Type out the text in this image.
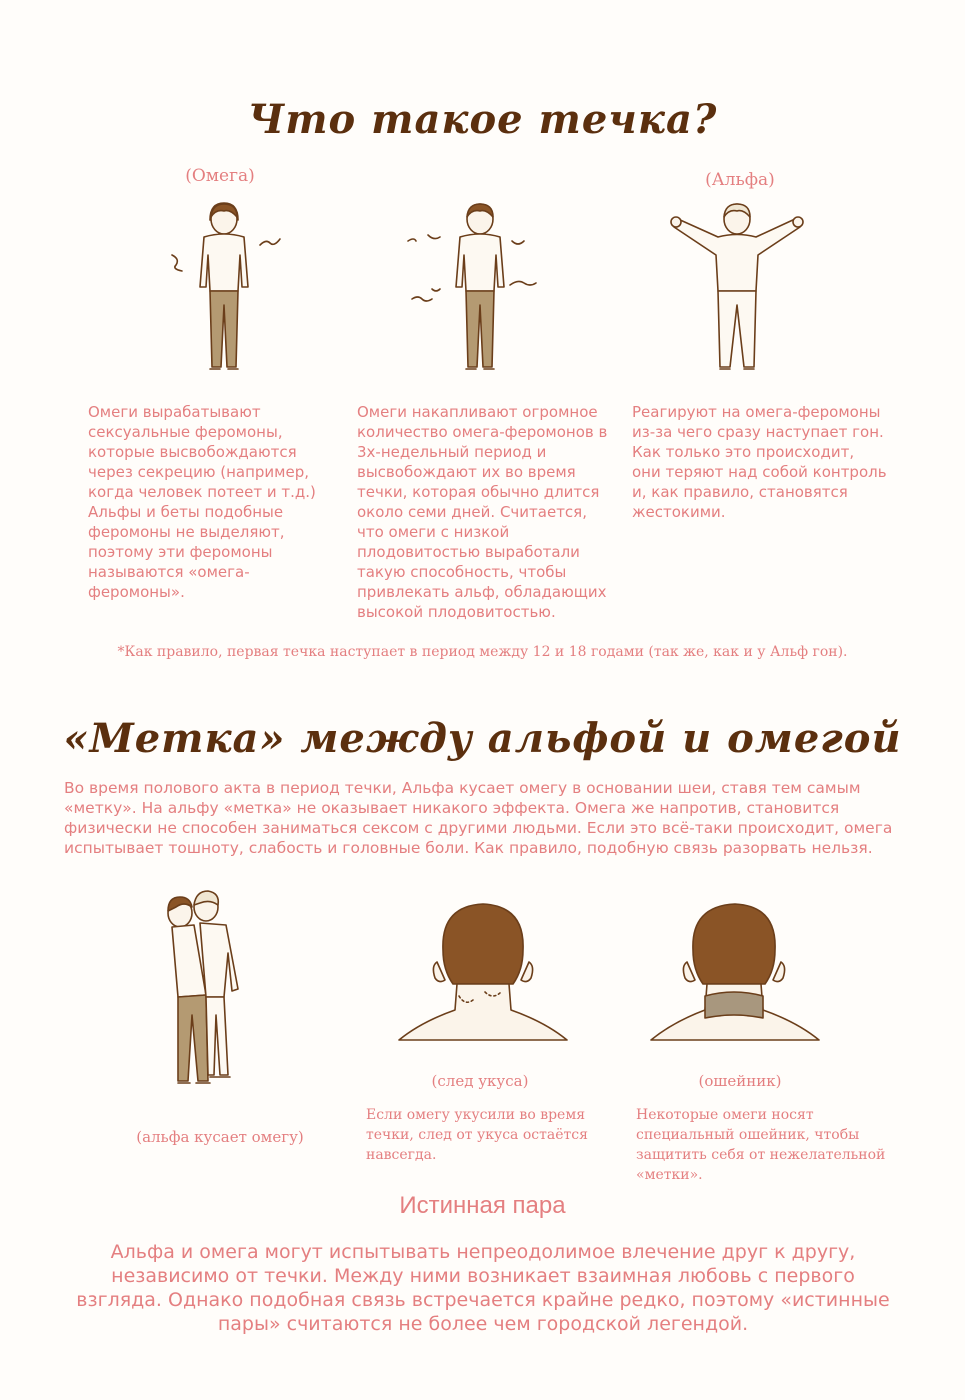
Что такое течка?
(Омега)	(Альфа)
Омеги вырабатывают сексуальные феромоны, которые высвобождаются через секрецию (например, когда человек потеет и т.д.) Альфы и беты подобные феромоны не выделяют, поэтому эти феромоны называются «омега-феромоны».
Омеги накапливают огромное количество омега-феромонов в 3х-недельный период и высвобождают их во время течки, которая обычно длится около семи дней. Считается, что омеги с низкой плодовитостью выработали такую способность, чтобы привлекать альф, обладающих высокой плодовитостью.
Реагируют на омега-феромоны из-за чего сразу наступает гон. Как только это происходит, они теряют над собой контроль и, как правило, становятся жестокими.
*Как правило, первая течка наступает в период между 12 и 18 годами (так же, как и у Альф гон).
«Метка» между альфой и омегой
Во время полового акта в период течки, Альфа кусает омегу в основании шеи, ставя тем самым «метку». На альфу «метка» не оказывает никакого эффекта. Омега же напротив, становится физически не способен заниматься сексом с другими людьми. Если это всё-таки происходит, омега испытывает тошноту, слабость и головные боли. Как правило, подобную связь разорвать нельзя.
(альфа кусает омегу)
(след укуса)
Если омегу укусили во время течки, след от укуса остаётся навсегда.
(ошейник)
Некоторые омеги носят специальный ошейник, чтобы защитить себя от нежелательной «метки».
Истинная пара
Альфа и омега могут испытывать непреодолимое влечение друг к другу, независимо от течки. Между ними возникает взаимная любовь с первого взгляда. Однако подобная связь встречается крайне редко, поэтому «истинные пары» считаются не более чем городской легендой.
